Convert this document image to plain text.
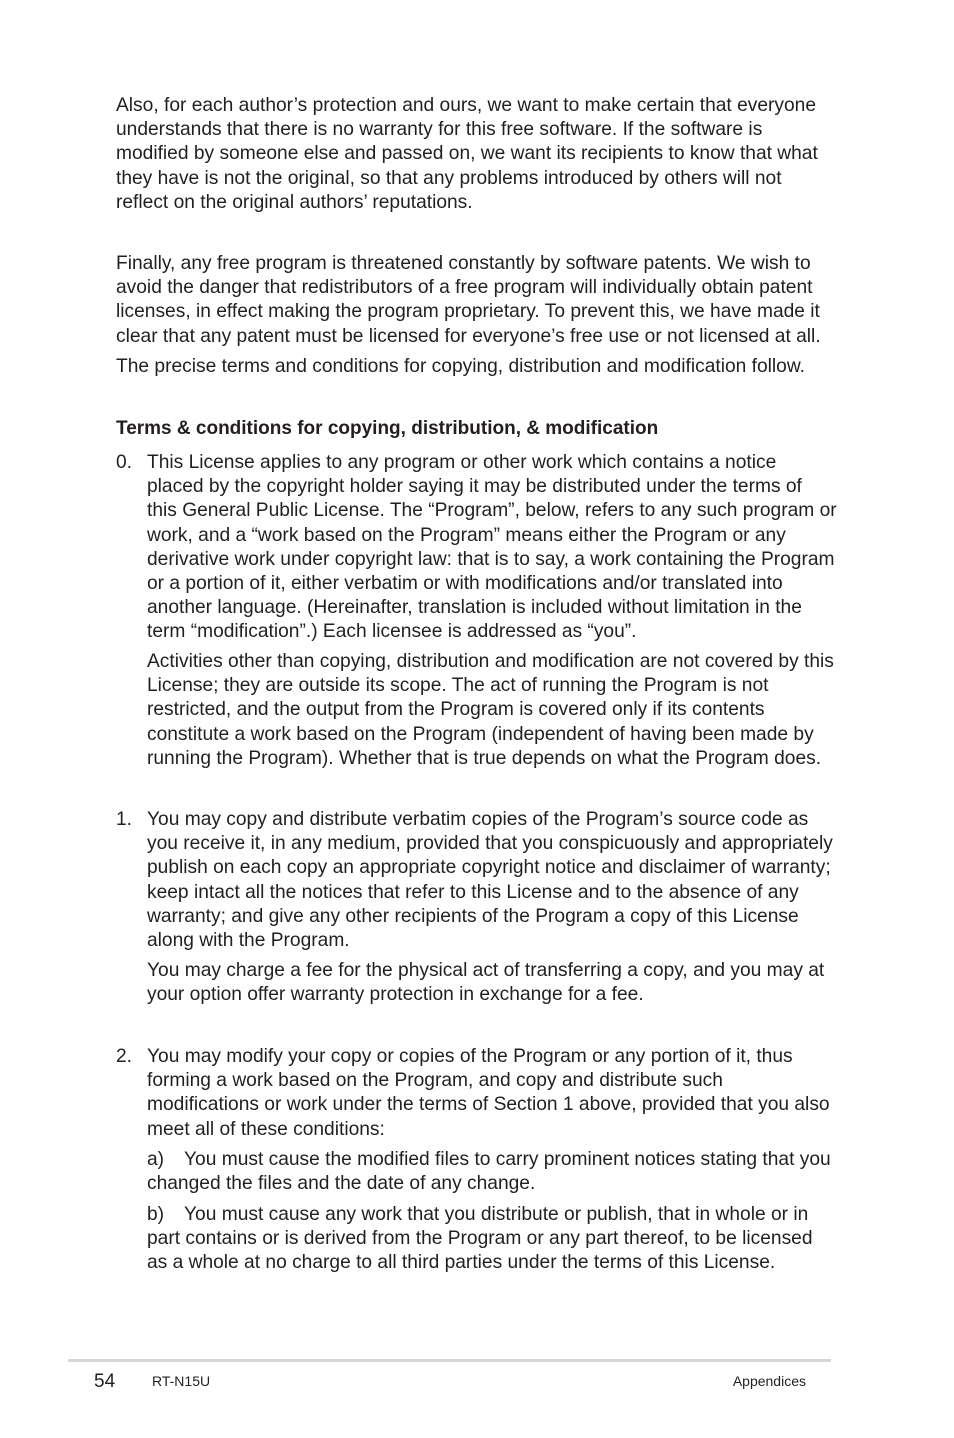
Also, for each author’s protection and ours, we want to make certain that everyone understands that there is no warranty for this free software. If the software is modified by someone else and passed on, we want its recipients to know that what they have is not the original, so that any problems introduced by others will not reflect on the original authors’ reputations.

Finally, any free program is threatened constantly by software patents. We wish to avoid the danger that redistributors of a free program will individually obtain patent licenses, in effect making the program proprietary. To prevent this, we have made it clear that any patent must be licensed for everyone’s free use or not licensed at all.

The precise terms and conditions for copying, distribution and modification follow.

Terms & conditions for copying, distribution, & modification
0. This License applies to any program or other work which contains a notice placed by the copyright holder saying it may be distributed under the terms of this General Public License. The “Program”, below, refers to any such program or work, and a “work based on the Program” means either the Program or any derivative work under copyright law: that is to say, a work containing the Program or a portion of it, either verbatim or with modifications and/or translated into another language. (Hereinafter, translation is included without limitation in the term “modification”.) Each licensee is addressed as “you”.

Activities other than copying, distribution and modification are not covered by this License; they are outside its scope. The act of running the Program is not restricted, and the output from the Program is covered only if its contents constitute a work based on the Program (independent of having been made by running the Program). Whether that is true depends on what the Program does.

1. You may copy and distribute verbatim copies of the Program’s source code as you receive it, in any medium, provided that you conspicuously and appropriately publish on each copy an appropriate copyright notice and disclaimer of warranty; keep intact all the notices that refer to this License and to the absence of any warranty; and give any other recipients of the Program a copy of this License along with the Program.

You may charge a fee for the physical act of transferring a copy, and you may at your option offer warranty protection in exchange for a fee.

2. You may modify your copy or copies of the Program or any portion of it, thus forming a work based on the Program, and copy and distribute such modifications or work under the terms of Section 1 above, provided that you also meet all of these conditions:

a) You must cause the modified files to carry prominent notices stating that you changed the files and the date of any change.

b) You must cause any work that you distribute or publish, that in whole or in part contains or is derived from the Program or any part thereof, to be licensed as a whole at no charge to all third parties under the terms of this License.

54	RT-N15U	Appendices
